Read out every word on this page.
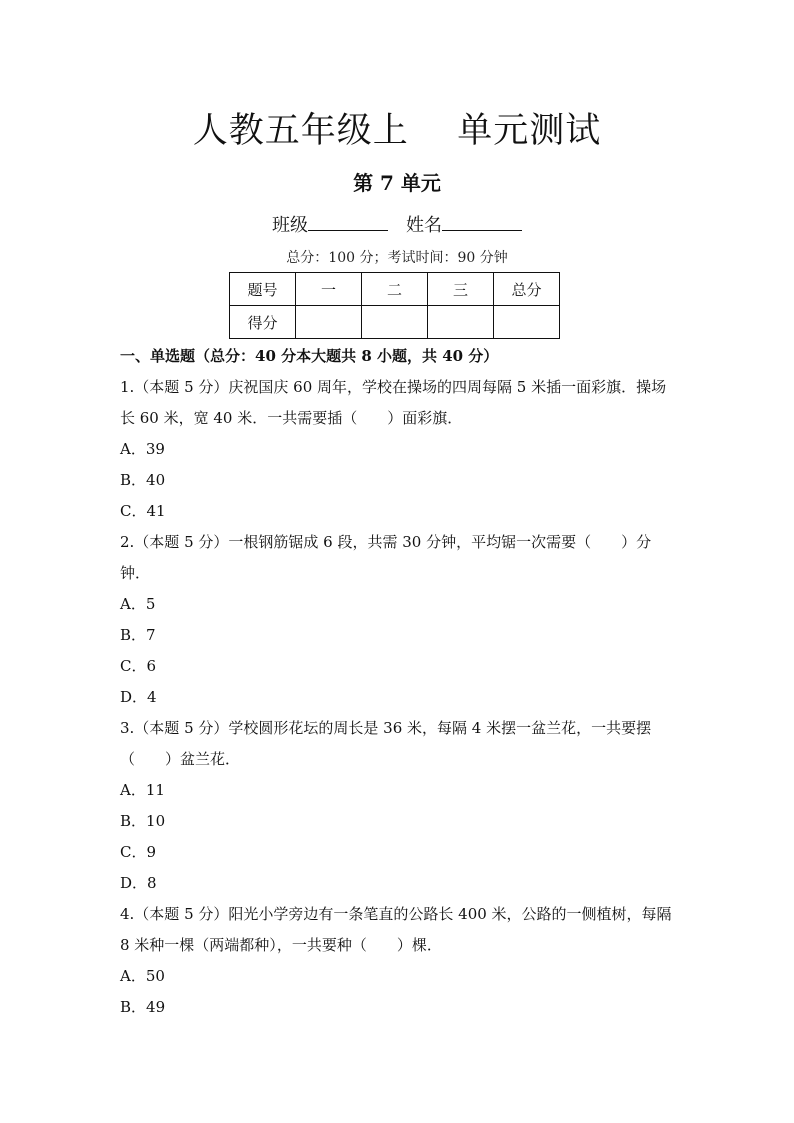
人教五年级上    单元测试
第 7 单元
班级	姓名
总分：100 分；考试时间：90 分钟
题号	一	二	三	总分
得分				
一、单选题（总分：40 分本大题共 8 小题，共 40 分）
1.（本题 5 分）庆祝国庆 60 周年，学校在操场的四周每隔 5 米插一面彩旗．操场长 60 米，宽 40 米．一共需要插（　　）面彩旗．
A．39
B．40
C．41
2.（本题 5 分）一根钢筋锯成 6 段，共需 30 分钟，平均锯一次需要（　　）分钟．
A．5
B．7
C．6
D．4
3.（本题 5 分）学校圆形花坛的周长是 36 米，每隔 4 米摆一盆兰花，一共要摆（　　）盆兰花．
A．11
B．10
C．9
D．8
4.（本题 5 分）阳光小学旁边有一条笔直的公路长 400 米，公路的一侧植树，每隔 8 米种一棵（两端都种），一共要种（　　）棵．
A．50
B．49
